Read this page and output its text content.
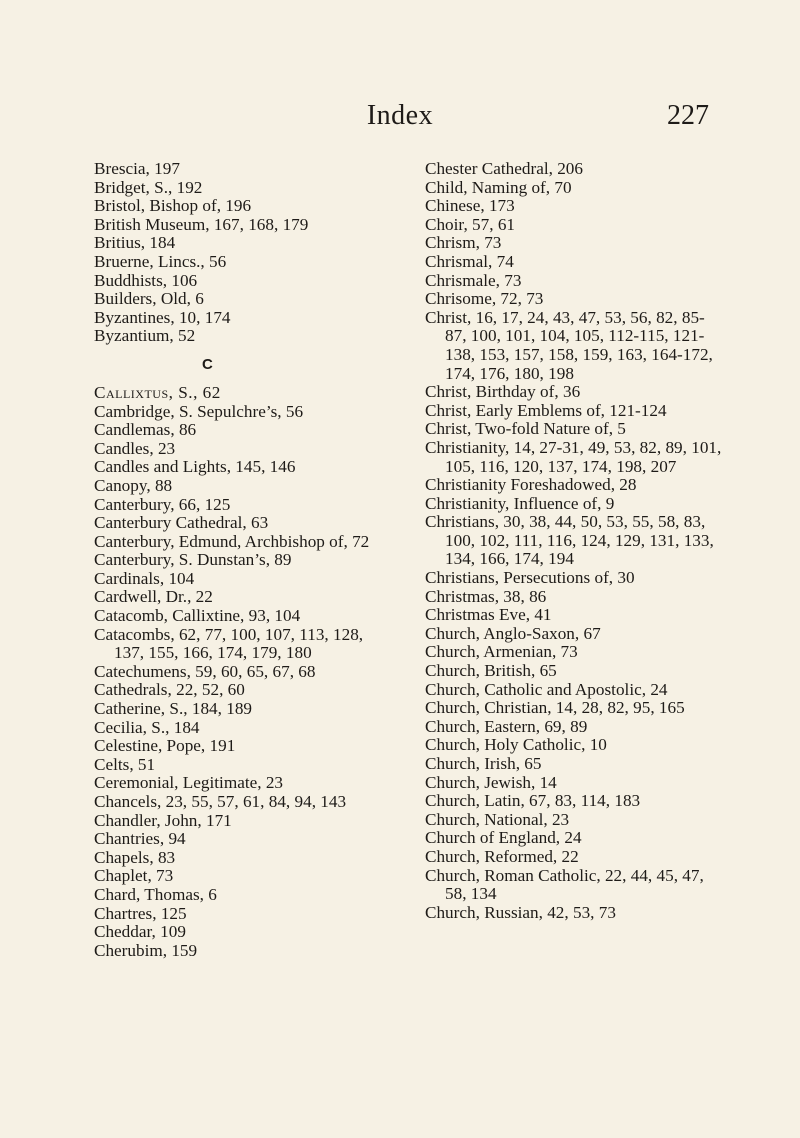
Index	227

Brescia, 197

Bridget, S., 192

Bristol, Bishop of, 196

British Museum, 167, 168, 179

Britius, 184

Bruerne, Lincs., 56

Buddhists, 106

Builders, Old, 6

Byzantines, 10, 174

Byzantium, 52

C

Callixtus, S., 62

Cambridge, S. Sepulchre’s, 56

Candlemas, 86

Candles, 23

Candles and Lights, 145, 146

Canopy, 88

Canterbury, 66, 125

Canterbury Cathedral, 63

Canterbury, Edmund, Archbishop of, 72

Canterbury, S. Dunstan’s, 89

Cardinals, 104

Cardwell, Dr., 22

Catacomb, Callixtine, 93, 104

Catacombs, 62, 77, 100, 107, 113, 128, 137, 155, 166, 174, 179, 180

Catechumens, 59, 60, 65, 67, 68

Cathedrals, 22, 52, 60

Catherine, S., 184, 189

Cecilia, S., 184

Celestine, Pope, 191

Celts, 51

Ceremonial, Legitimate, 23

Chancels, 23, 55, 57, 61, 84, 94, 143

Chandler, John, 171

Chantries, 94

Chapels, 83

Chaplet, 73

Chard, Thomas, 6

Chartres, 125

Cheddar, 109

Cherubim, 159

Chester Cathedral, 206

Child, Naming of, 70

Chinese, 173

Choir, 57, 61

Chrism, 73

Chrismal, 74

Chrismale, 73

Chrisome, 72, 73

Christ, 16, 17, 24, 43, 47, 53, 56, 82, 85-87, 100, 101, 104, 105, 112-115, 121-138, 153, 157, 158, 159, 163, 164-172, 174, 176, 180, 198

Christ, Birthday of, 36

Christ, Early Emblems of, 121-124

Christ, Two-fold Nature of, 5

Christianity, 14, 27-31, 49, 53, 82, 89, 101, 105, 116, 120, 137, 174, 198, 207

Christianity Foreshadowed, 28

Christianity, Influence of, 9

Christians, 30, 38, 44, 50, 53, 55, 58, 83, 100, 102, 111, 116, 124, 129, 131, 133, 134, 166, 174, 194

Christians, Persecutions of, 30

Christmas, 38, 86

Christmas Eve, 41

Church, Anglo-Saxon, 67

Church, Armenian, 73

Church, British, 65

Church, Catholic and Apostolic, 24

Church, Christian, 14, 28, 82, 95, 165

Church, Eastern, 69, 89

Church, Holy Catholic, 10

Church, Irish, 65

Church, Jewish, 14

Church, Latin, 67, 83, 114, 183

Church, National, 23

Church of England, 24

Church, Reformed, 22

Church, Roman Catholic, 22, 44, 45, 47, 58, 134

Church, Russian, 42, 53, 73
